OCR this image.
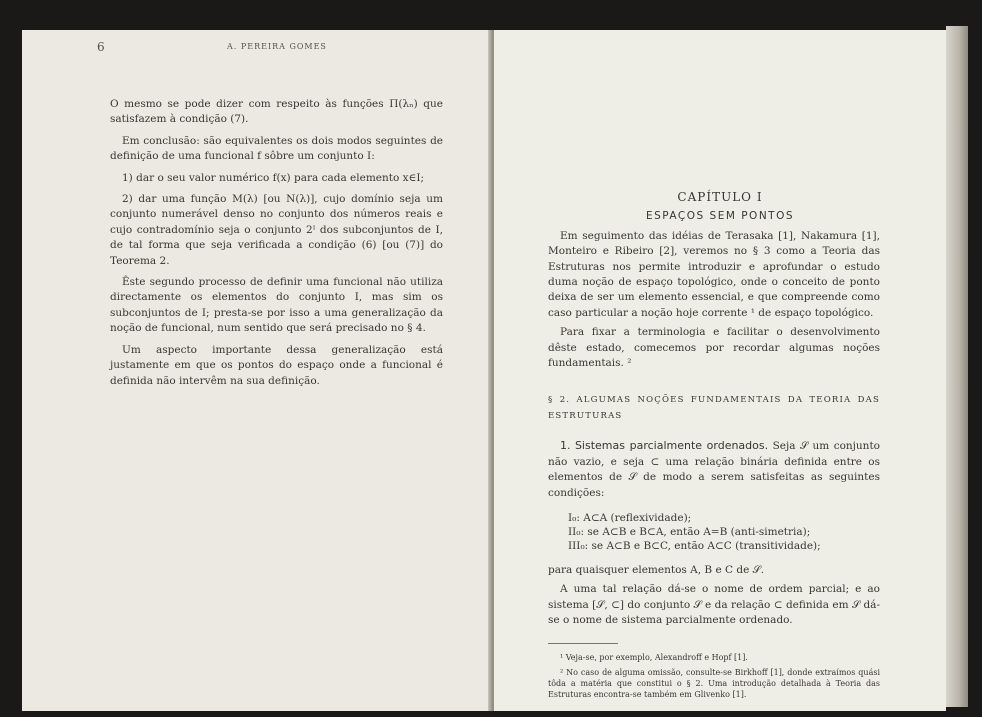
6	A. PEREIRA GOMES

O mesmo se pode dizer com respeito às funções Π(λₙ) que satisfazem à condição (7).

Em conclusão: são equivalentes os dois modos seguintes de definição de uma funcional f sôbre um conjunto I:

1) dar o seu valor numérico f(x) para cada elemento x∈I;

2) dar uma função M(λ) [ou N(λ)], cujo domínio seja um conjunto numerável denso no conjunto dos números reais e cujo contradomínio seja o conjunto 2ᴵ dos subconjuntos de I, de tal forma que seja verificada a condição (6) [ou (7)] do Teorema 2.

Êste segundo processo de definir uma funcional não utiliza directamente os elementos do conjunto I, mas sim os subconjuntos de I; presta-se por isso a uma generalização da noção de funcional, num sentido que será precisado no § 4.

Um aspecto importante dessa generalização está justamente em que os pontos do espaço onde a funcional é definida não intervêm na sua definição.

CAPÍTULO I

ESPAÇOS SEM PONTOS

Em seguimento das idéias de Terasaka [1], Nakamura [1], Monteiro e Ribeiro [2], veremos no § 3 como a Teoria das Estruturas nos permite introduzir e aprofundar o estudo duma noção de espaço topológico, onde o conceito de ponto deixa de ser um elemento essencial, e que compreende como caso particular a noção hoje corrente ¹ de espaço topológico.

Para fixar a terminologia e facilitar o desenvolvimento dêste estado, comecemos por recordar algumas noções fundamentais. ²

§ 2. ALGUMAS NOÇÕES FUNDAMENTAIS DA TEORIA DAS ESTRUTURAS

1. Sistemas parcialmente ordenados. Seja 𝒮 um conjunto não vazio, e seja ⊂ uma relação binária definida entre os elementos de 𝒮 de modo a serem satisfeitas as seguintes condições:

I₀: A⊂A (reflexividade);
II₀: se A⊂B e B⊂A, então A=B (anti-simetria);
III₀: se A⊂B e B⊂C, então A⊂C (transitividade);

para quaisquer elementos A, B e C de 𝒮.

A uma tal relação dá-se o nome de ordem parcial; e ao sistema [𝒮, ⊂] do conjunto 𝒮 e da relação ⊂ definida em 𝒮 dá-se o nome de sistema parcialmente ordenado.

¹ Veja-se, por exemplo, Alexandroff e Hopf [1].

² No caso de alguma omissão, consulte-se Birkhoff [1], donde extraímos quási tôda a matéria que constitui o § 2. Uma introdução detalhada à Teoria das Estruturas encontra-se também em Glivenko [1].
